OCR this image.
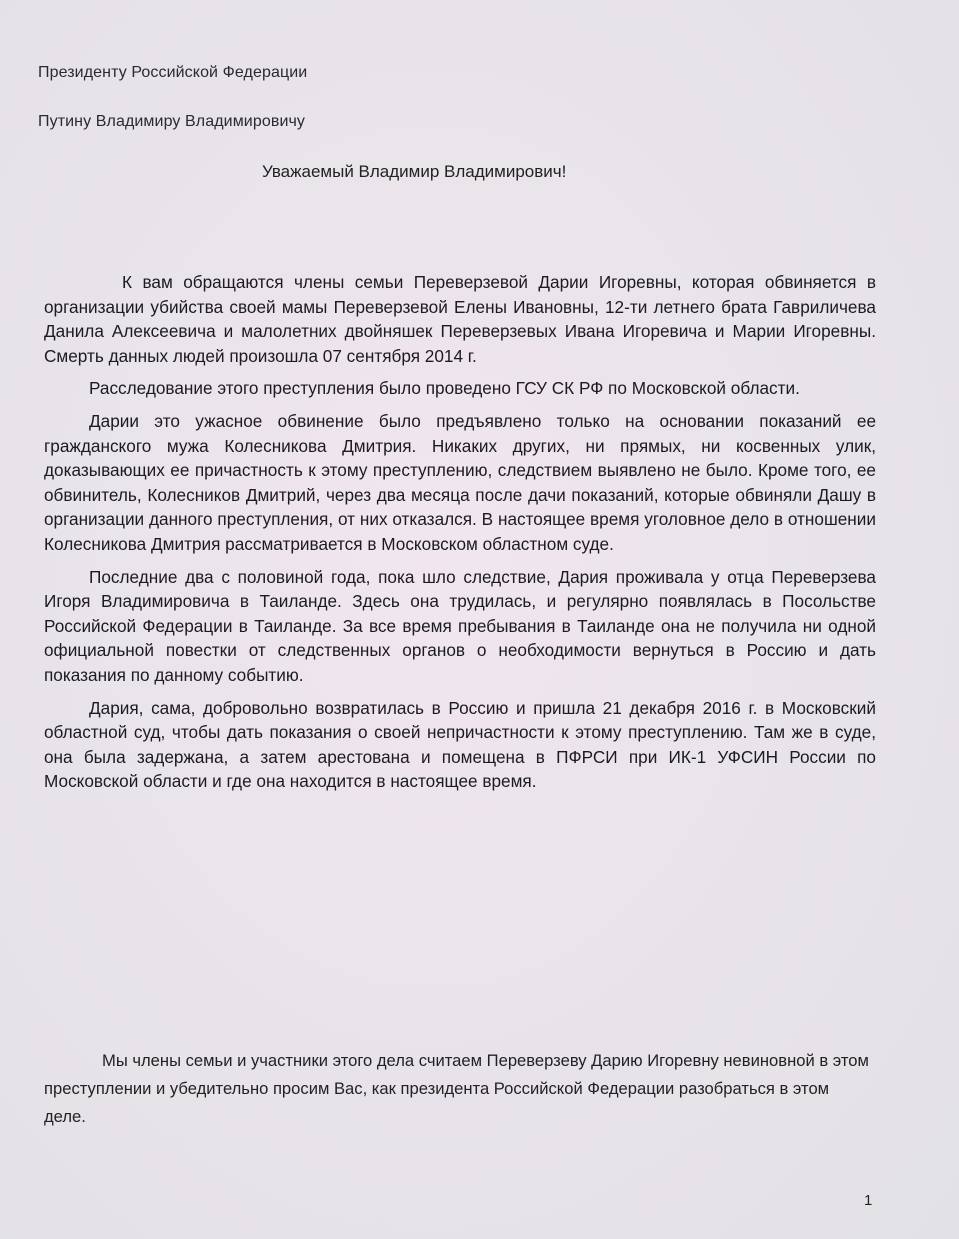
Президенту Российской Федерации
Путину Владимиру Владимировичу
Уважаемый Владимир Владимирович!

К вам обращаются члены семьи Переверзевой Дарии Игоревны, которая обвиняется в организации убийства своей мамы Переверзевой Елены Ивановны, 12-ти летнего брата Гавриличева Данила Алексеевича и малолетних двойняшек Переверзевых Ивана Игоревича и Марии Игоревны. Смерть данных людей произошла 07 сентября 2014 г.

Расследование этого преступления было проведено ГСУ СК РФ по Московской области.

Дарии это ужасное обвинение было предъявлено только на основании показаний ее гражданского мужа Колесникова Дмитрия. Никаких других, ни прямых, ни косвенных улик, доказывающих ее причастность к этому преступлению, следствием выявлено не было. Кроме того, ее обвинитель, Колесников Дмитрий, через два месяца после дачи показаний, которые обвиняли Дашу в организации данного преступления, от них отказался. В настоящее время уголовное дело в отношении Колесникова Дмитрия рассматривается в Московском областном суде.

Последние два с половиной года, пока шло следствие, Дария проживала у отца Переверзева Игоря Владимировича в Таиланде. Здесь она трудилась, и регулярно появлялась в Посольстве Российской Федерации в Таиланде. За все время пребывания в Таиланде она не получила ни одной официальной повестки от следственных органов о необходимости вернуться в Россию и дать показания по данному событию.

Дария, сама, добровольно возвратилась в Россию и пришла 21 декабря 2016 г. в Московский областной суд, чтобы дать показания о своей непричастности к этому преступлению. Там же в суде, она была задержана, а затем арестована и помещена в ПФРСИ при ИК-1 УФСИН России по Московской области и где она находится в настоящее время.

Мы члены семьи и участники этого дела считаем Переверзеву Дарию Игоревну невиновной в этом преступлении и убедительно просим Вас, как президента Российской Федерации разобраться в этом деле.

1
